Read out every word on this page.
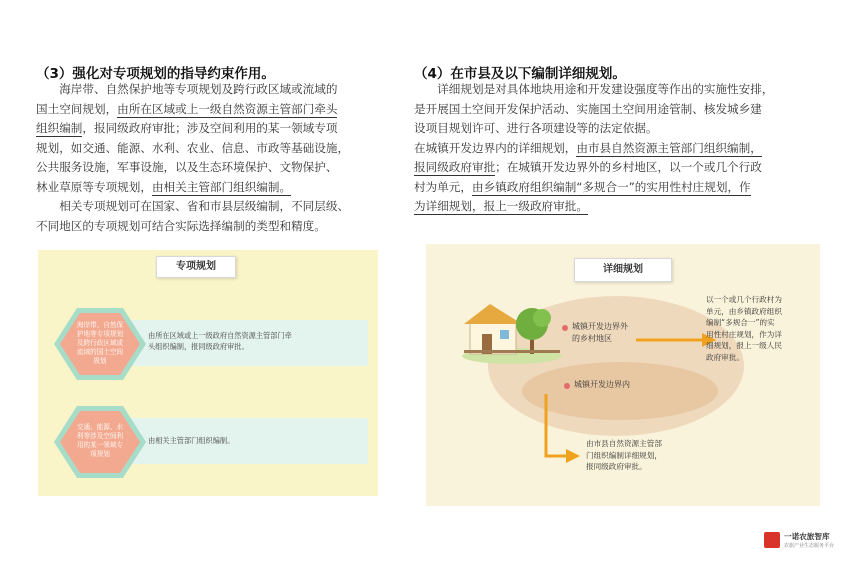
（3）强化对专项规划的指导约束作用。
　　海岸带、自然保护地等专项规划及跨行政区域或流域的
国土空间规划，由所在区域或上一级自然资源主管部门牵头
组织编制，报同级政府审批；涉及空间利用的某一领域专项
规划，如交通、能源、水利、农业、信息、市政等基础设施，
公共服务设施，军事设施，以及生态环境保护、文物保护、
林业草原等专项规划，由相关主管部门组织编制。
　　相关专项规划可在国家、省和市县层级编制，不同层级、
不同地区的专项规划可结合实际选择编制的类型和精度。
（4）在市县及以下编制详细规划。
　　详细规划是对具体地块用途和开发建设强度等作出的实施性安排，
是开展国土空间开发保护活动、实施国土空间用途管制、核发城乡建
设项目规划许可、进行各项建设等的法定依据。
在城镇开发边界内的详细规划，由市县自然资源主管部门组织编制，
报同级政府审批；在城镇开发边界外的乡村地区，以一个或几个行政
村为单元，由乡镇政府组织编制“多规合一”的实用性村庄规划，作
为详细规划，报上一级政府审批。
专项规划
由所在区域或上一级政府自然资源主管部门牵
头组织编制，报同级政府审批。
由相关主管部门组织编制。
海岸带、自然保护地等专项规划及跨行政区域或流域的国土空间规划
交通、能源、水利等涉及空间利用的某一领域专项规划
详细规划
城镇开发边界外
的乡村地区
城镇开发边界内
以一个或几个行政村为
单元，由乡镇政府组织
编制“多规合一”的实
用性村庄规划，作为详
细规划，报上一级人民
政府审批。
由市县自然资源主管部
门组织编制详细规划，
报同级政府审批。
一诺农旅智库
农旅产业生态服务平台
